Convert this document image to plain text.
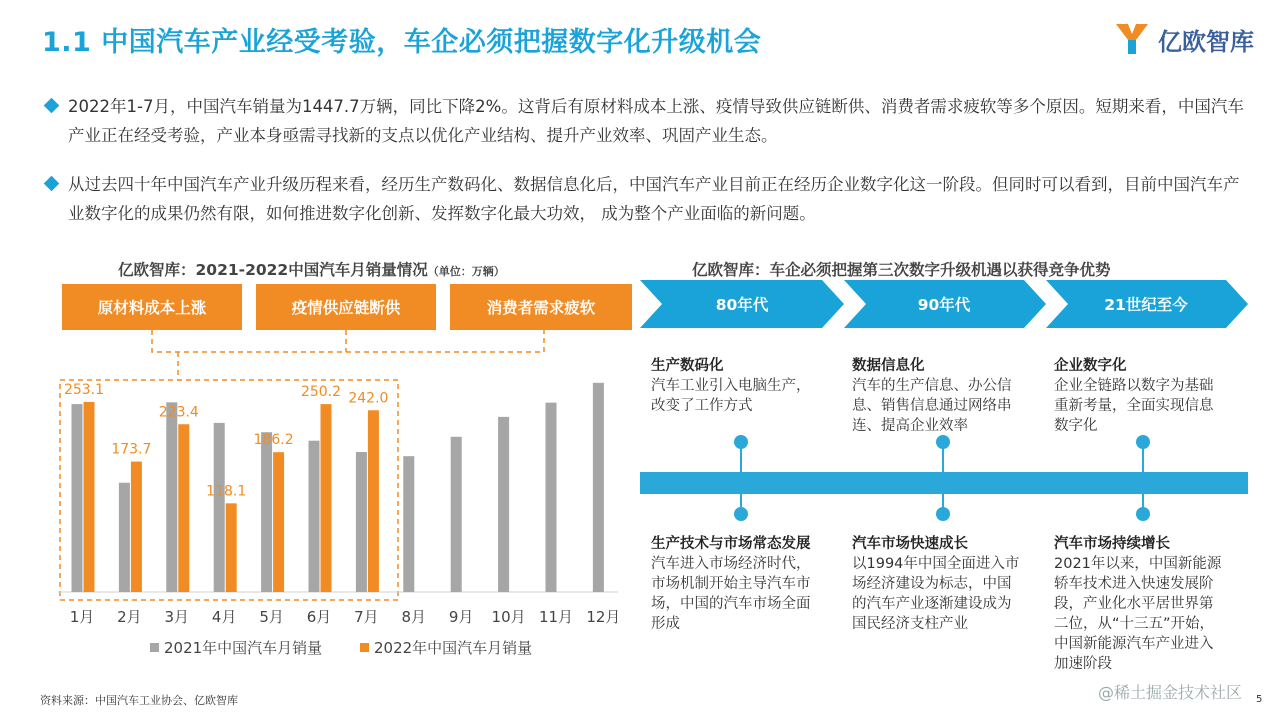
1.1 中国汽车产业经受考验，车企必须把握数字化升级机会	亿欧智库
2022年1-7月，中国汽车销量为1447.7万辆，同比下降2%。这背后有原材料成本上涨、疫情导致供应链断供、消费者需求疲软等多个原因。短期来看，中国汽车产业正在经受考验，产业本身亟需寻找新的支点以优化产业结构、提升产业效率、巩固产业生态。
从过去四十年中国汽车产业升级历程来看，经历生产数码化、数据信息化后，中国汽车产业目前正在经历企业数字化这一阶段。但同时可以看到，目前中国汽车产业数字化的成果仍然有限，如何推进数字化创新、发挥数字化最大功效， 成为整个产业面临的新问题。
亿欧智库：2021-2022中国汽车月销量情况（单位：万辆）
原材料成本上涨	疫情供应链断供	消费者需求疲软
253.1
173.7
223.4
118.1
186.2
250.2 242.0
1月 2月 3月 4月 5月 6月 7月 8月 9月 10月 11月 12月
2021年中国汽车月销量	2022年中国汽车月销量
亿欧智库：车企必须把握第三次数字升级机遇以获得竞争优势
80年代	90年代	21世纪至今
生产数码化
汽车工业引入电脑生产，
改变了工作方式
数据信息化
汽车的生产信息、办公信
息、销售信息通过网络串
连、提高企业效率
企业数字化
企业全链路以数字为基础
重新考量，全面实现信息
数字化
生产技术与市场常态发展
汽车进入市场经济时代，
市场机制开始主导汽车市
场，中国的汽车市场全面
形成
汽车市场快速成长
以1994年中国全面进入市
场经济建设为标志，中国
的汽车产业逐渐建设成为
国民经济支柱产业
汽车市场持续增长
2021年以来，中国新能源
轿车技术进入快速发展阶
段，产业化水平居世界第
二位，从“十三五”开始，
中国新能源汽车产业进入
加速阶段
资料来源：中国汽车工业协会、亿欧智库	@稀土掘金技术社区 5
